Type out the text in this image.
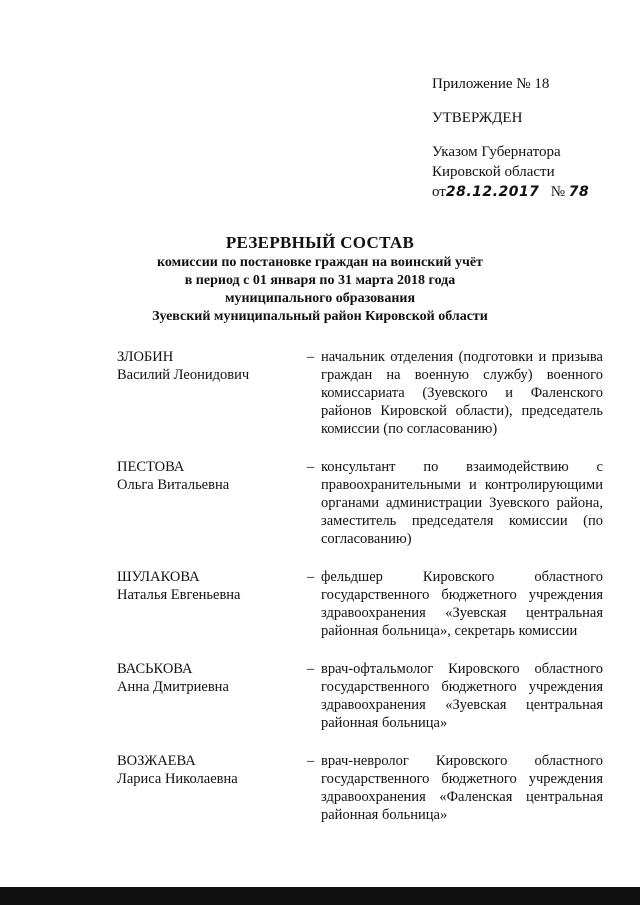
Приложение № 18
УТВЕРЖДЕН
Указом Губернатора
Кировской области
от28.12.2017 № 78
РЕЗЕРВНЫЙ СОСТАВ
комиссии по постановке граждан на воинский учёт
в период с 01 января по 31 марта 2018 года
муниципального образования
Зуевский муниципальный район Кировской области
ЗЛОБИН
Василий Леонидович
– начальник отделения (подготовки и призыва граждан на военную службу) военного комиссариата (Зуевского и Фаленского районов Кировской области), председатель комиссии (по согласованию)
ПЕСТОВА
Ольга Витальевна
– консультант по взаимодействию с правоохранительными и контролирующими органами администрации Зуевского района, заместитель председателя комиссии (по согласованию)
ШУЛАКОВА
Наталья Евгеньевна
– фельдшер Кировского областного государственного бюджетного учреждения здравоохранения «Зуевская центральная районная больница», секретарь комиссии
ВАСЬКОВА
Анна Дмитриевна
– врач-офтальмолог Кировского областного государственного бюджетного учреждения здравоохранения «Зуевская центральная районная больница»
ВОЗЖАЕВА
Лариса Николаевна
– врач-невролог Кировского областного государственного бюджетного учреждения здравоохранения «Фаленская центральная районная больница»
